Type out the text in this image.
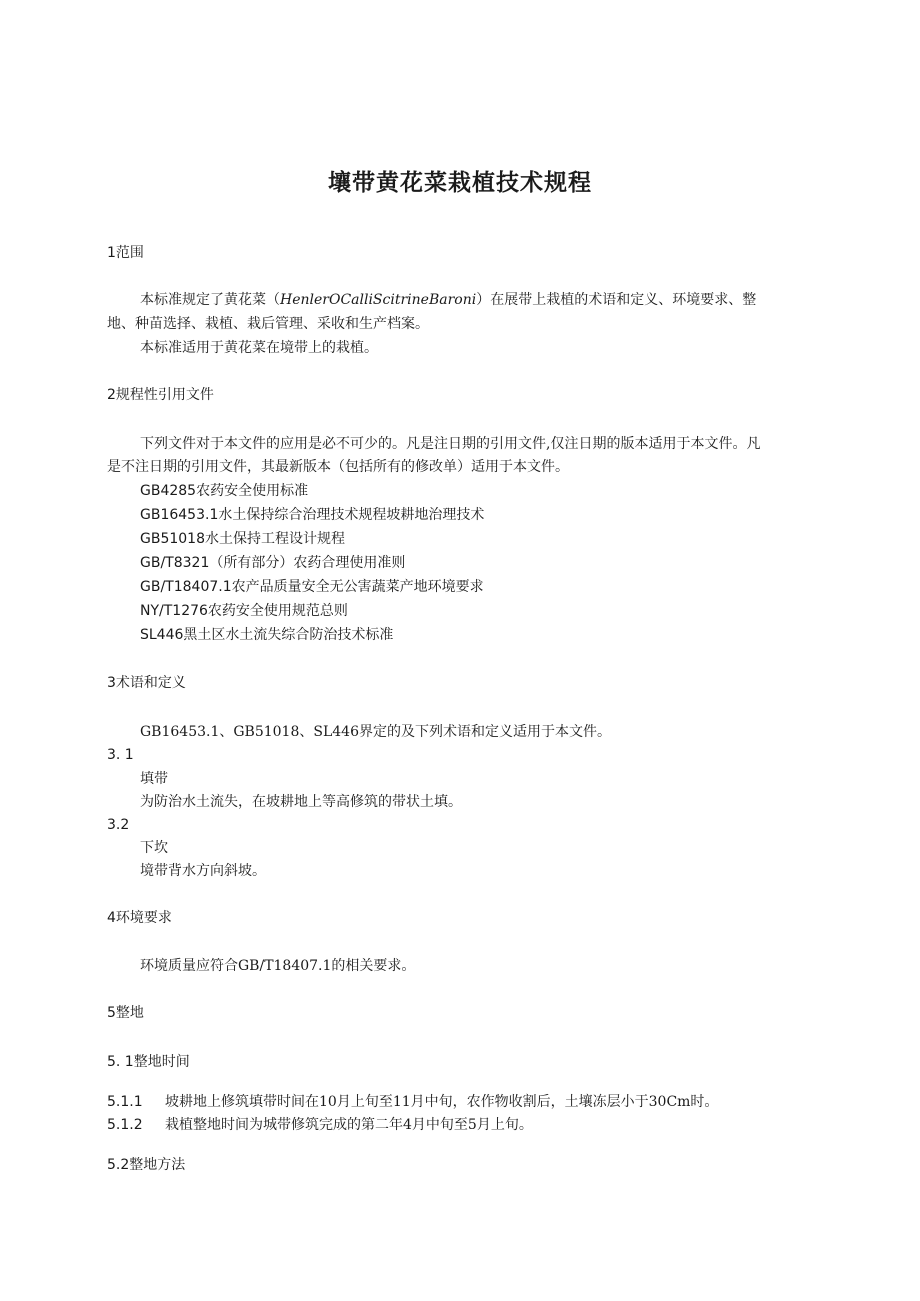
壤带黄花菜栽植技术规程
1范围
本标准规定了黄花菜（HenlerOCalliScitrineBaroni）在展带上栽植的术语和定义、环境要求、整
地、种苗选择、栽植、栽后管理、采收和生产档案。
本标准适用于黄花菜在境带上的栽植。
2规程性引用文件
下列文件对于本文件的应用是必不可少的。凡是注日期的引用文件,仅注日期的版本适用于本文件。凡
是不注日期的引用文件，其最新版本（包括所有的修改单）适用于本文件。
GB4285农药安全使用标准
GB16453.1水土保持综合治理技术规程坡耕地治理技术
GB51018水土保持工程设计规程
GB/T8321（所有部分）农药合理使用准则
GB/T18407.1农产品质量安全无公害蔬菜产地环境要求
NY/T1276农药安全使用规范总则
SL446黑土区水土流失综合防治技术标准
3术语和定义
GB16453.1、GB51018、SL446界定的及下列术语和定义适用于本文件。
3. 1
填带
为防治水土流失，在坡耕地上等高修筑的带状土填。
3.2
下坎
境带背水方向斜坡。
4环境要求
环境质量应符合GB/T18407.1的相关要求。
5整地
5. 1整地时间
5.1.1 坡耕地上修筑填带时间在10月上旬至11月中旬，农作物收割后，土壤冻层小于30Cm时。
5.1.2 栽植整地时间为城带修筑完成的第二年4月中旬至5月上旬。
5.2整地方法
